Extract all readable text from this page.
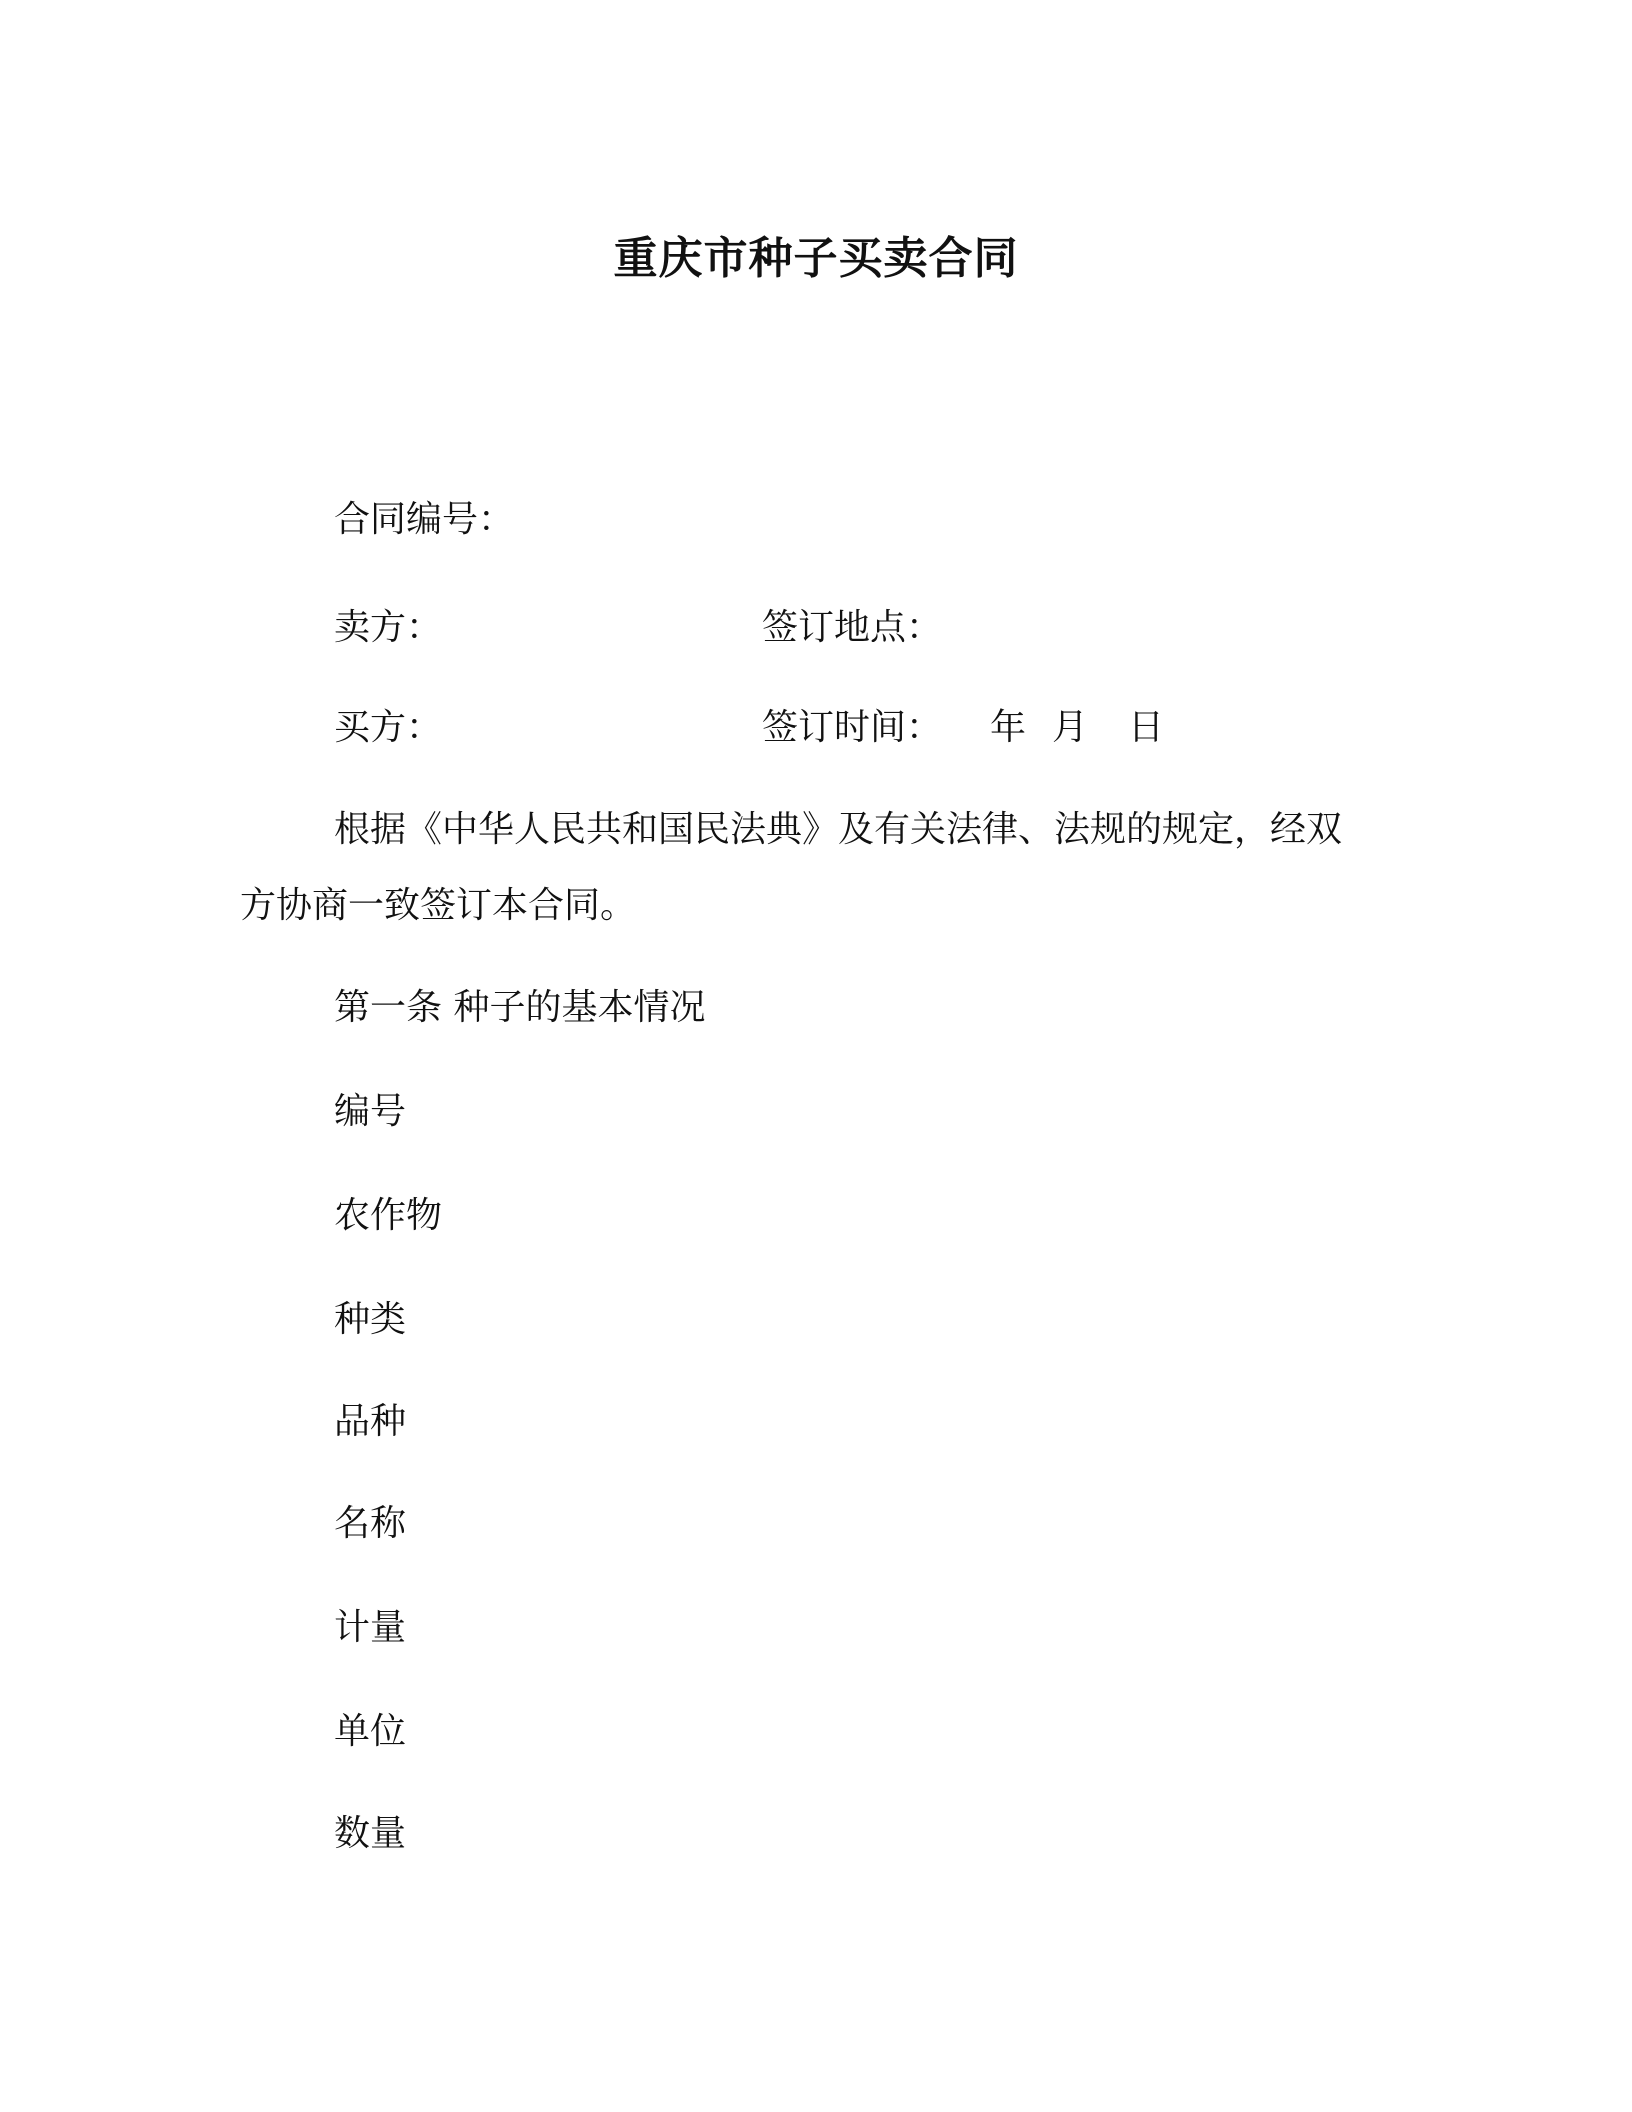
重庆市种子买卖合同
合同编号：
卖方：	签订地点：
买方：	签订时间： 年 月 日
根据《中华人民共和国民法典》及有关法律、法规的规定，经双
方协商一致签订本合同。
第一条 种子的基本情况
编号
农作物
种类
品种
名称
计量
单位
数量
